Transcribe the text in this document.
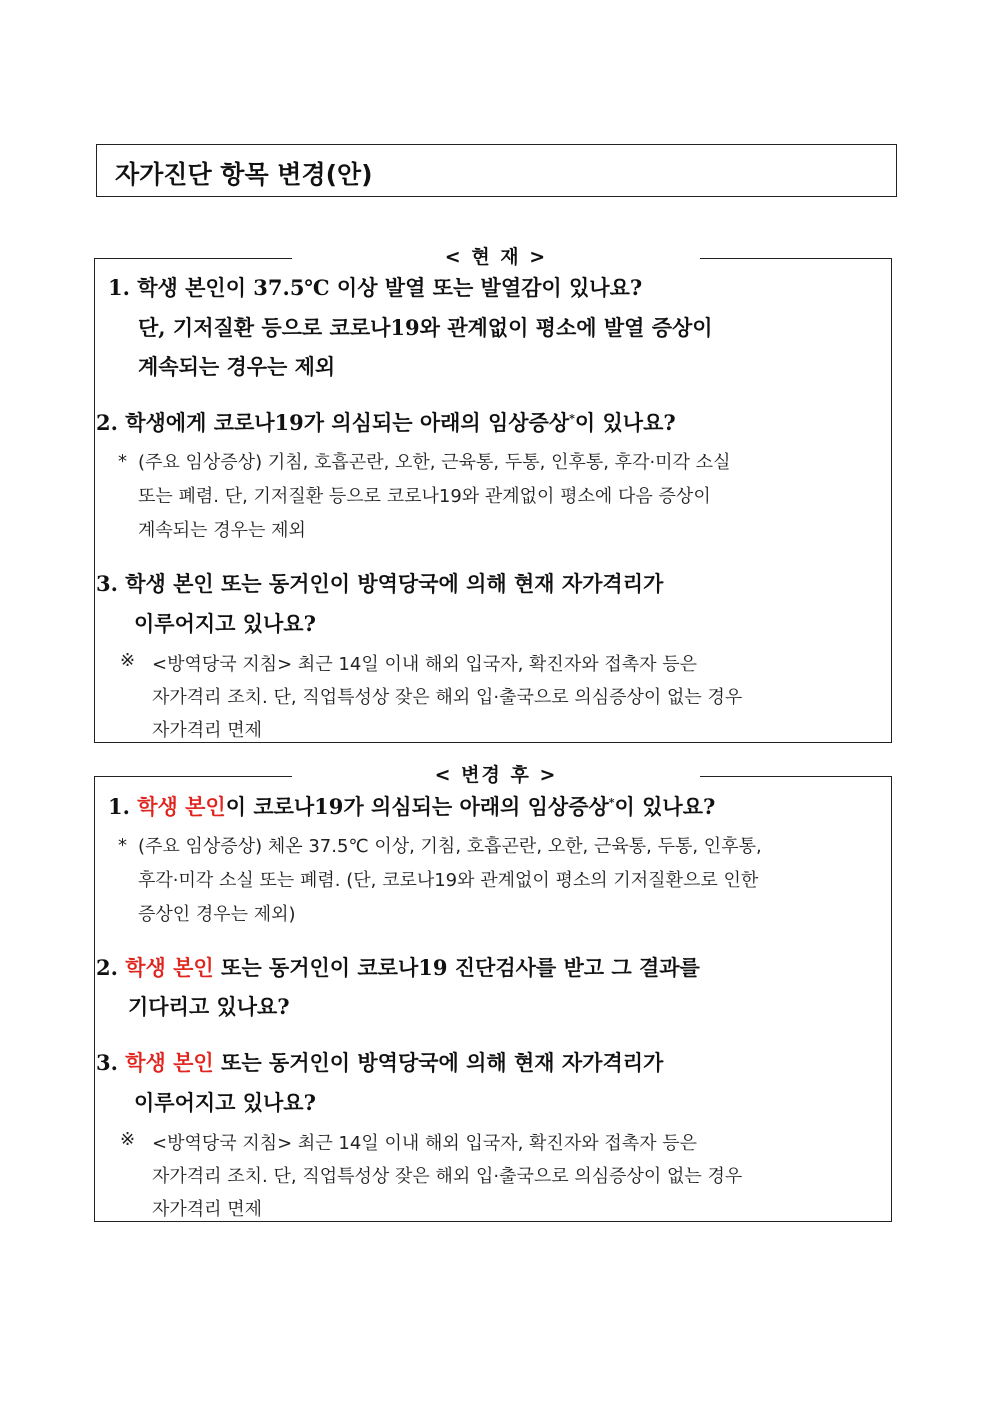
자가진단 항목 변경(안)
< 현 재 >
1. 학생 본인이 37.5℃ 이상 발열 또는 발열감이 있나요?
단, 기저질환 등으로 코로나19와 관계없이 평소에 발열 증상이
계속되는 경우는 제외
2. 학생에게 코로나19가 의심되는 아래의 임상증상*이 있나요?
* (주요 임상증상) 기침, 호흡곤란, 오한, 근육통, 두통, 인후통, 후각·미각 소실
또는 폐렴. 단, 기저질환 등으로 코로나19와 관계없이 평소에 다음 증상이
계속되는 경우는 제외
3. 학생 본인 또는 동거인이 방역당국에 의해 현재 자가격리가
이루어지고 있나요?
※ <방역당국 지침> 최근 14일 이내 해외 입국자, 확진자와 접촉자 등은
자가격리 조치. 단, 직업특성상 잦은 해외 입·출국으로 의심증상이 없는 경우
자가격리 면제
< 변경 후 >
1. 학생 본인이 코로나19가 의심되는 아래의 임상증상*이 있나요?
* (주요 임상증상) 체온 37.5℃ 이상, 기침, 호흡곤란, 오한, 근육통, 두통, 인후통,
후각·미각 소실 또는 폐렴. (단, 코로나19와 관계없이 평소의 기저질환으로 인한
증상인 경우는 제외)
2. 학생 본인 또는 동거인이 코로나19 진단검사를 받고 그 결과를
기다리고 있나요?
3. 학생 본인 또는 동거인이 방역당국에 의해 현재 자가격리가
이루어지고 있나요?
※ <방역당국 지침> 최근 14일 이내 해외 입국자, 확진자와 접촉자 등은
자가격리 조치. 단, 직업특성상 잦은 해외 입·출국으로 의심증상이 없는 경우
자가격리 면제
